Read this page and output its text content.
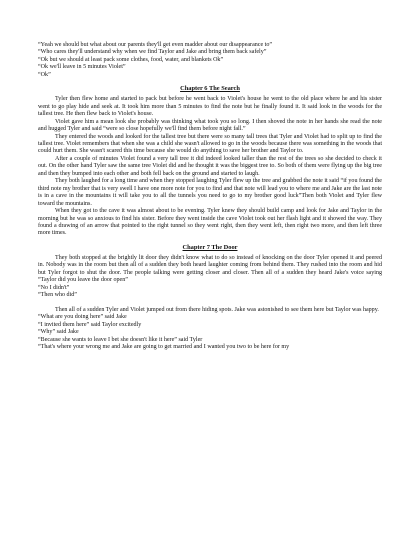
“Yeah we should but what about our parents they'll get even madder about our disappearance to”

“Who cares they'll understand why when we find Taylor and Jake and bring them back safely”

“Ok but we should at least pack some clothes, food, water, and blankets Ok”

“Ok we'll leave in 5 minutes Violet”

“Ok”

Chapter 6 The Search

Tyler then flew home and started to pack but before he went back to Violet's house he went to the old place where he and his sister went to go play hide and seek at. It took him more than 5 minutes to find the note but he finally found it. It said look in the woods for the tallest tree. He then flew back to Violet's house.

Violet gave him a mean look she probably was thinking what took you so long. I then shoved the note in her hands she read the note and hugged Tyler and said “were so close hopefully we'll find them before night fall.”

They entered the woods and looked for the tallest tree but there were so many tall trees that Tyler and Violet had to split up to find the tallest tree. Violet remembers that when she was a child she wasn't allowed to go in the woods because there was something in the woods that could hurt them. She wasn't scared this time because she would do anything to save her brother and Taylor to.

After a couple of minutes Violet found a very tall tree it did indeed looked taller than the rest of the trees so she decided to check it out. On the other hand Tyler saw the same tree Violet did and he thought it was the biggest tree to. So both of them were flying up the big tree and then they bumped into each other and both fell back on the ground and started to laugh.

They both laughed for a long time and when they stopped laughing Tyler flew up the tree and grabbed the note it said “if you found the third note my brother that is very swell I have one more note for you to find and that note will lead you to where me and Jake are the last note is in a cave in the mountains it will take you to all the tunnels you need to go to my brother good luck”Then both Violet and Tyler flew toward the mountains.

When they got to the cave it was almost about to be evening. Tyler knew they should build camp and look for Jake and Taylor in the morning but he was so anxious to find his sister. Before they went inside the cave Violet took out her flash light and it showed the way. They found a drawing of an arrow that pointed to the right tunnel so they went right, then they went left, then right two more, and then left three more times.

Chapter 7 The Door

They both stopped at the brightly lit door they didn't know what to do so instead of knocking on the door Tyler opened it and peered in. Nobody was in the room but then all of a sudden they both heard laughter coming from behind them. They rushed into the room and hid but Tyler forgot to shut the door. The people talking were getting closer and closer. Then all of a sudden they heard Jake's voice saying “Taylor did you leave the door open”

“No I didn't”

“Then who did”

Then all of a sudden Tyler and Violet jumped out from there hiding spots. Jake was astonished to see them here but Taylor was happy.

“What are you doing here” said Jake

“I invited them here” said Taylor excitedly

“Why” said Jake

“Because she wants to leave I bet she doesn't like it here” said Tyler

“That's where your wrong me and Jake are going to get married and I wanted you two to be here for my
